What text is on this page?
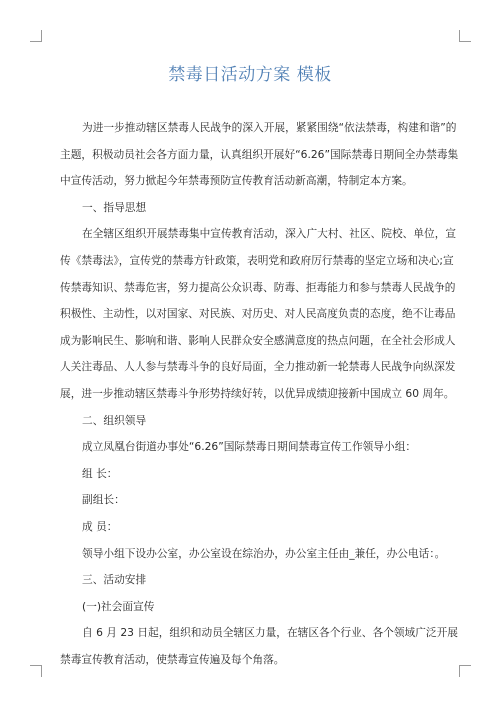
禁毒日活动方案 模板
为进一步推动辖区禁毒人民战争的深入开展，紧紧围绕“依法禁毒，构建和谐”的
主题，积极动员社会各方面力量，认真组织开展好“6.26”国际禁毒日期间全办禁毒集
中宣传活动，努力掀起今年禁毒预防宣传教育活动新高潮，特制定本方案。
一、指导思想
在全辖区组织开展禁毒集中宣传教育活动，深入广大村、社区、院校、单位，宣
传《禁毒法》，宣传党的禁毒方针政策，表明党和政府厉行禁毒的坚定立场和决心;宣
传禁毒知识、禁毒危害，努力提高公众识毒、防毒、拒毒能力和参与禁毒人民战争的
积极性、主动性，以对国家、对民族、对历史、对人民高度负责的态度，绝不让毒品
成为影响民生、影响和谐、影响人民群众安全感满意度的热点问题，在全社会形成人
人关注毒品、人人参与禁毒斗争的良好局面，全力推动新一轮禁毒人民战争向纵深发
展，进一步推动辖区禁毒斗争形势持续好转，以优异成绩迎接新中国成立 60 周年。
二、组织领导
成立凤凰台街道办事处“6.26”国际禁毒日期间禁毒宣传工作领导小组：
组 长：
副组长：
成 员：
领导小组下设办公室，办公室设在综治办，办公室主任由_兼任，办公电话：。
三、活动安排
(一)社会面宣传
自 6 月 23 日起，组织和动员全辖区力量，在辖区各个行业、各个领域广泛开展
禁毒宣传教育活动，使禁毒宣传遍及每个角落。
